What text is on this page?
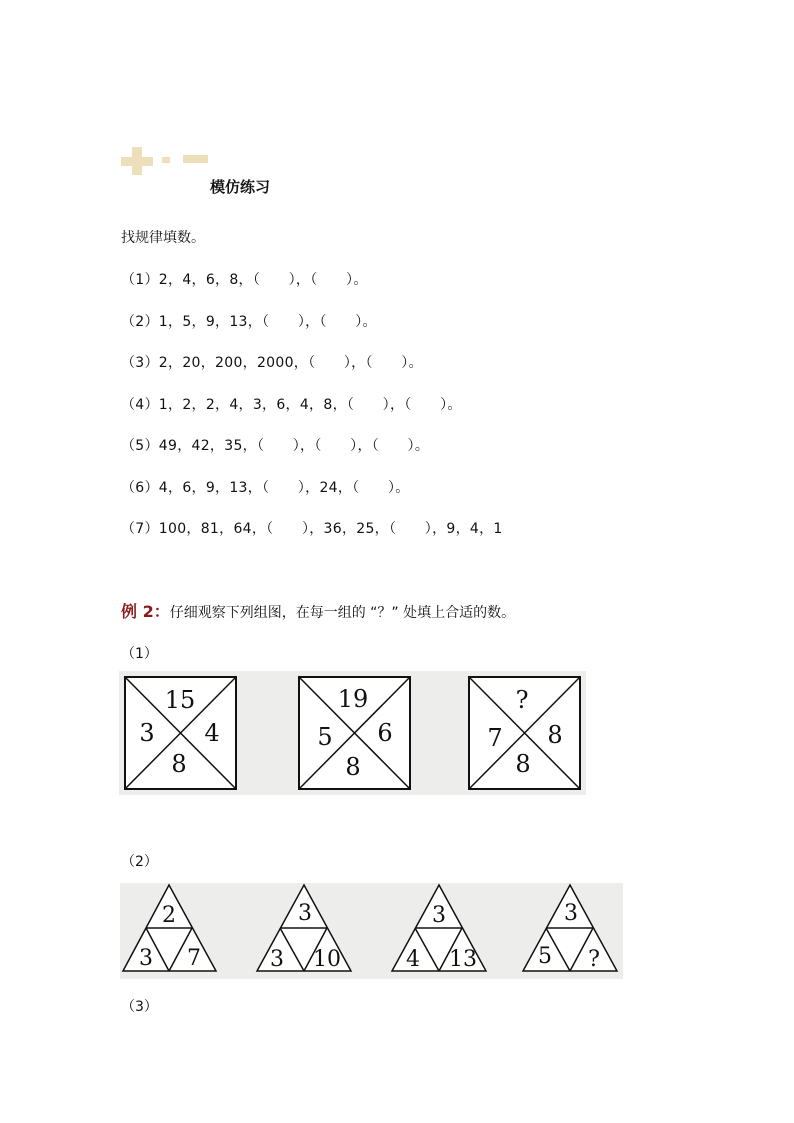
模仿练习
找规律填数。
（1）2，4，6，8，（      ），（      ）。
（2）1，5，9，13，（      ），（      ）。
（3）2，20，200，2000，（      ），（      ）。
（4）1，2，2，4，3，6，4，8，（      ），（      ）。
（5）49，42，35，（      ），（      ），（      ）。
（6）4，6，9，13，（      ），24，（      ）。
（7）100，81，64，（      ），36，25，（      ），9，4，1
例 2：仔细观察下列组图，在每一组的 “？” 处填上合适的数。
（1）
15
3 4
8
19
5 6
8
?
7 8
8
（2）
2
3 7
3
3 10
3
4 13
3
5 ?
（3）
